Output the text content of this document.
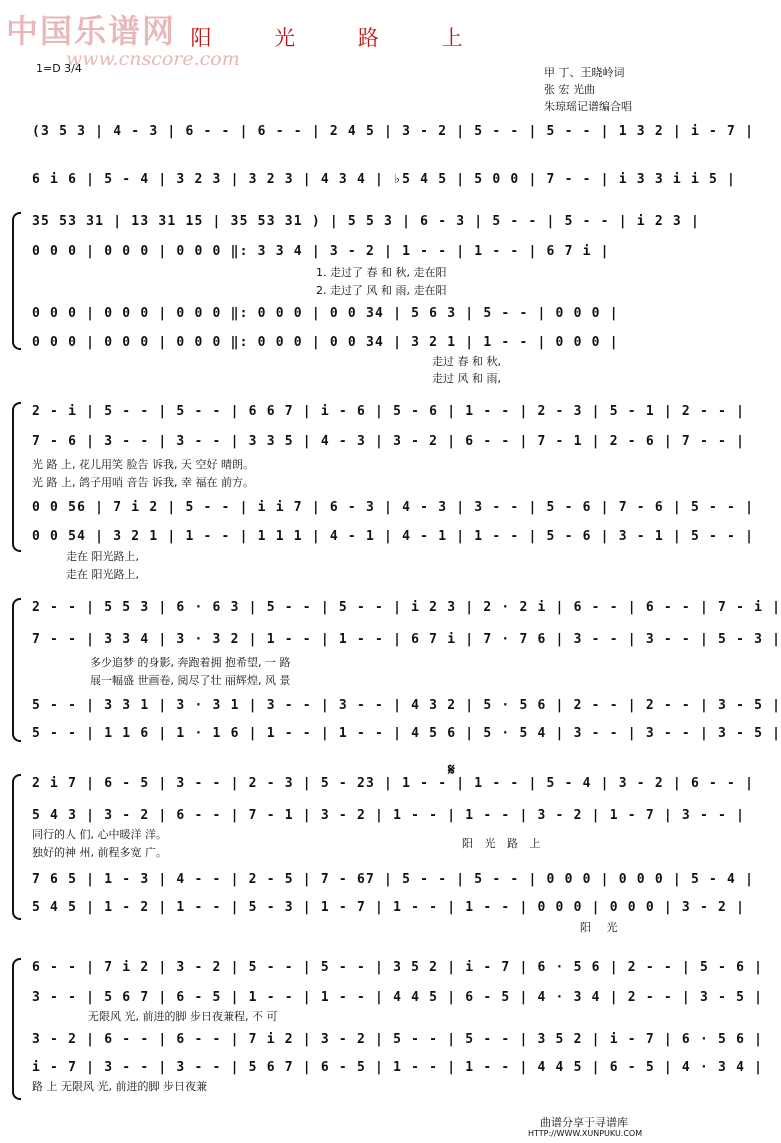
中国乐谱网
www.cnscore.com
阳 光 路 上
1=D 3/4	甲 丁、王晓岭词
张 宏 光曲
朱琼瑶记谱编合唱
(3 5 3 | 4 - 3 | 6 - - | 6 - - | 2 4 5 | 3 - 2 | 5 - - | 5 - - | 1 3 2 | i - 7 |
6 i 6 | 5 - 4 | 3 2 3 | 3 2 3 | 4 3 4 | ♭5 4 5 | 5 0 0 | 7 - - | i 3 3 i i 5 |
35 53 31 | 13 31 15 | 35 53 31 ) | 5 5 3 | 6 - 3 | 5 - - | 5 - - | i 2 3 |
0 0 0 | 0 0 0 | 0 0 0 ‖: 3 3 4 | 3 - 2 | 1 - - | 1 - - | 6 7 i |
1. 走过了 春 和 秋, 走在阳
2. 走过了 风 和 雨, 走在阳
0 0 0 | 0 0 0 | 0 0 0 ‖: 0 0 0 | 0 0 34 | 5 6 3 | 5 - - | 0 0 0 |
0 0 0 | 0 0 0 | 0 0 0 ‖: 0 0 0 | 0 0 34 | 3 2 1 | 1 - - | 0 0 0 |
走过 春 和 秋,
走过 风 和 雨,
2 - i | 5 - - | 5 - - | 6 6 7 | i - 6 | 5 - 6 | 1 - - | 2 - 3 | 5 - 1 | 2 - - |
7 - 6 | 3 - - | 3 - - | 3 3 5 | 4 - 3 | 3 - 2 | 6 - - | 7 - 1 | 2 - 6 | 7 - - |
光 路 上, 花儿用笑 脸告 诉我, 天 空好 晴朗。
光 路 上, 鸽子用哨 音告 诉我, 幸 福在 前方。
0 0 56 | 7 i 2 | 5 - - | i i 7 | 6 - 3 | 4 - 3 | 3 - - | 5 - 6 | 7 - 6 | 5 - - |
0 0 54 | 3 2 1 | 1 - - | 1 1 1 | 4 - 1 | 4 - 1 | 1 - - | 5 - 6 | 3 - 1 | 5 - - |
走在 阳光路上,
走在 阳光路上,
2 - - | 5 5 3 | 6 · 6 3 | 5 - - | 5 - - | i 2 3 | 2 · 2 i | 6 - - | 6 - - | 7 - i |
7 - - | 3 3 4 | 3 · 3 2 | 1 - - | 1 - - | 6 7 i | 7 · 7 6 | 3 - - | 3 - - | 5 - 3 |
多少追梦 的身影, 奔跑着拥 抱希望, 一 路
展一幅盛 世画卷, 阅尽了壮 丽辉煌, 风 景
5 - - | 3 3 1 | 3 · 3 1 | 3 - - | 3 - - | 4 3 2 | 5 · 5 6 | 2 - - | 2 - - | 3 - 5 |
5 - - | 1 1 6 | 1 · 1 6 | 1 - - | 1 - - | 4 5 6 | 5 · 5 4 | 3 - - | 3 - - | 3 - 5 |
𝄋
2 i 7 | 6 - 5 | 3 - - | 2 - 3 | 5 - 23 | 1 - - | 1 - - | 5 - 4 | 3 - 2 | 6 - - |
5 4 3 | 3 - 2 | 6 - - | 7 - 1 | 3 - 2 | 1 - - | 1 - - | 3 - 2 | 1 - 7 | 3 - - |
同行的人 们, 心中暖洋 洋。
独好的神 州, 前程多宽 广。
阳 光 路 上
7 6 5 | 1 - 3 | 4 - - | 2 - 5 | 7 - 67 | 5 - - | 5 - - | 0 0 0 | 0 0 0 | 5 - 4 |
5 4 5 | 1 - 2 | 1 - - | 5 - 3 | 1 - 7 | 1 - - | 1 - - | 0 0 0 | 0 0 0 | 3 - 2 |
阳 光
6 - - | 7 i 2 | 3 - 2 | 5 - - | 5 - - | 3 5 2 | i - 7 | 6 · 5 6 | 2 - - | 5 - 6 |
3 - - | 5 6 7 | 6 - 5 | 1 - - | 1 - - | 4 4 5 | 6 - 5 | 4 · 3 4 | 2 - - | 3 - 5 |
无限风 光, 前进的脚 步日夜兼程, 不 可
3 - 2 | 6 - - | 6 - - | 7 i 2 | 3 - 2 | 5 - - | 5 - - | 3 5 2 | i - 7 | 6 · 5 6 |
i - 7 | 3 - - | 3 - - | 5 6 7 | 6 - 5 | 1 - - | 1 - - | 4 4 5 | 6 - 5 | 4 · 3 4 |
路 上 无限风 光, 前进的脚 步日夜兼
曲谱分享于寻谱库
HTTP://WWW.XUNPUKU.COM
